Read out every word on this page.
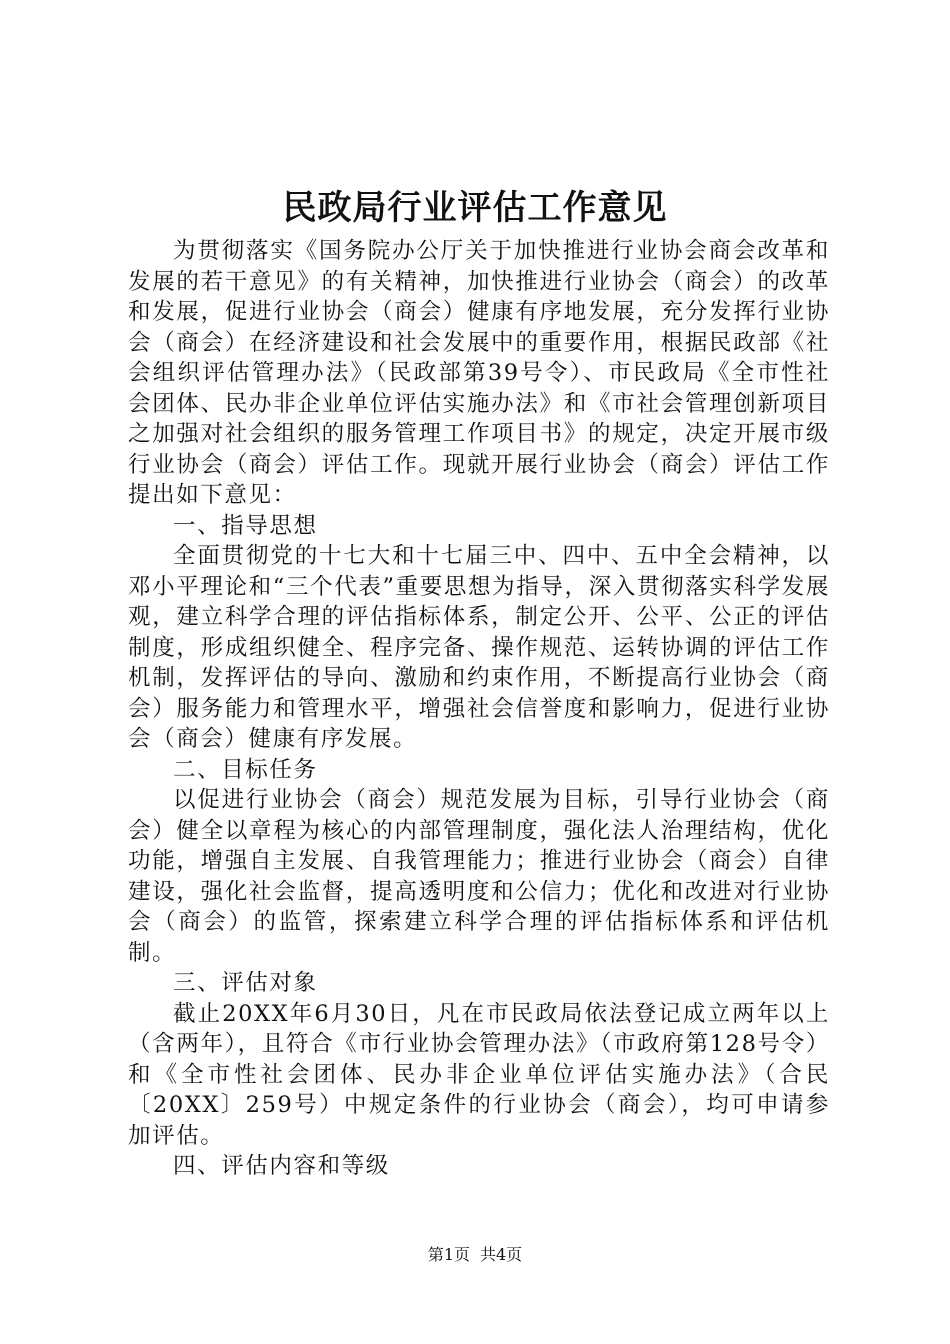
民政局行业评估工作意见

为贯彻落实《国务院办公厅关于加快推进行业协会商会改革和发展的若干意见》的有关精神，加快推进行业协会（商会）的改革和发展，促进行业协会（商会）健康有序地发展，充分发挥行业协会（商会）在经济建设和社会发展中的重要作用，根据民政部《社会组织评估管理办法》（民政部第39号令）、市民政局《全市性社会团体、民办非企业单位评估实施办法》和《市社会管理创新项目之加强对社会组织的服务管理工作项目书》的规定，决定开展市级行业协会（商会）评估工作。现就开展行业协会（商会）评估工作提出如下意见：

一、指导思想

全面贯彻党的十七大和十七届三中、四中、五中全会精神，以邓小平理论和“三个代表”重要思想为指导，深入贯彻落实科学发展观，建立科学合理的评估指标体系，制定公开、公平、公正的评估制度，形成组织健全、程序完备、操作规范、运转协调的评估工作机制，发挥评估的导向、激励和约束作用，不断提高行业协会（商会）服务能力和管理水平，增强社会信誉度和影响力，促进行业协会（商会）健康有序发展。

二、目标任务

以促进行业协会（商会）规范发展为目标，引导行业协会（商会）健全以章程为核心的内部管理制度，强化法人治理结构，优化功能，增强自主发展、自我管理能力；推进行业协会（商会）自律建设，强化社会监督，提高透明度和公信力；优化和改进对行业协会（商会）的监管，探索建立科学合理的评估指标体系和评估机制。

三、评估对象

截止20XX年6月30日，凡在市民政局依法登记成立两年以上（含两年），且符合《市行业协会管理办法》（市政府第128号令）和《全市性社会团体、民办非企业单位评估实施办法》（合民〔20XX〕259号）中规定条件的行业协会（商会），均可申请参加评估。

四、评估内容和等级

第1页 共4页
